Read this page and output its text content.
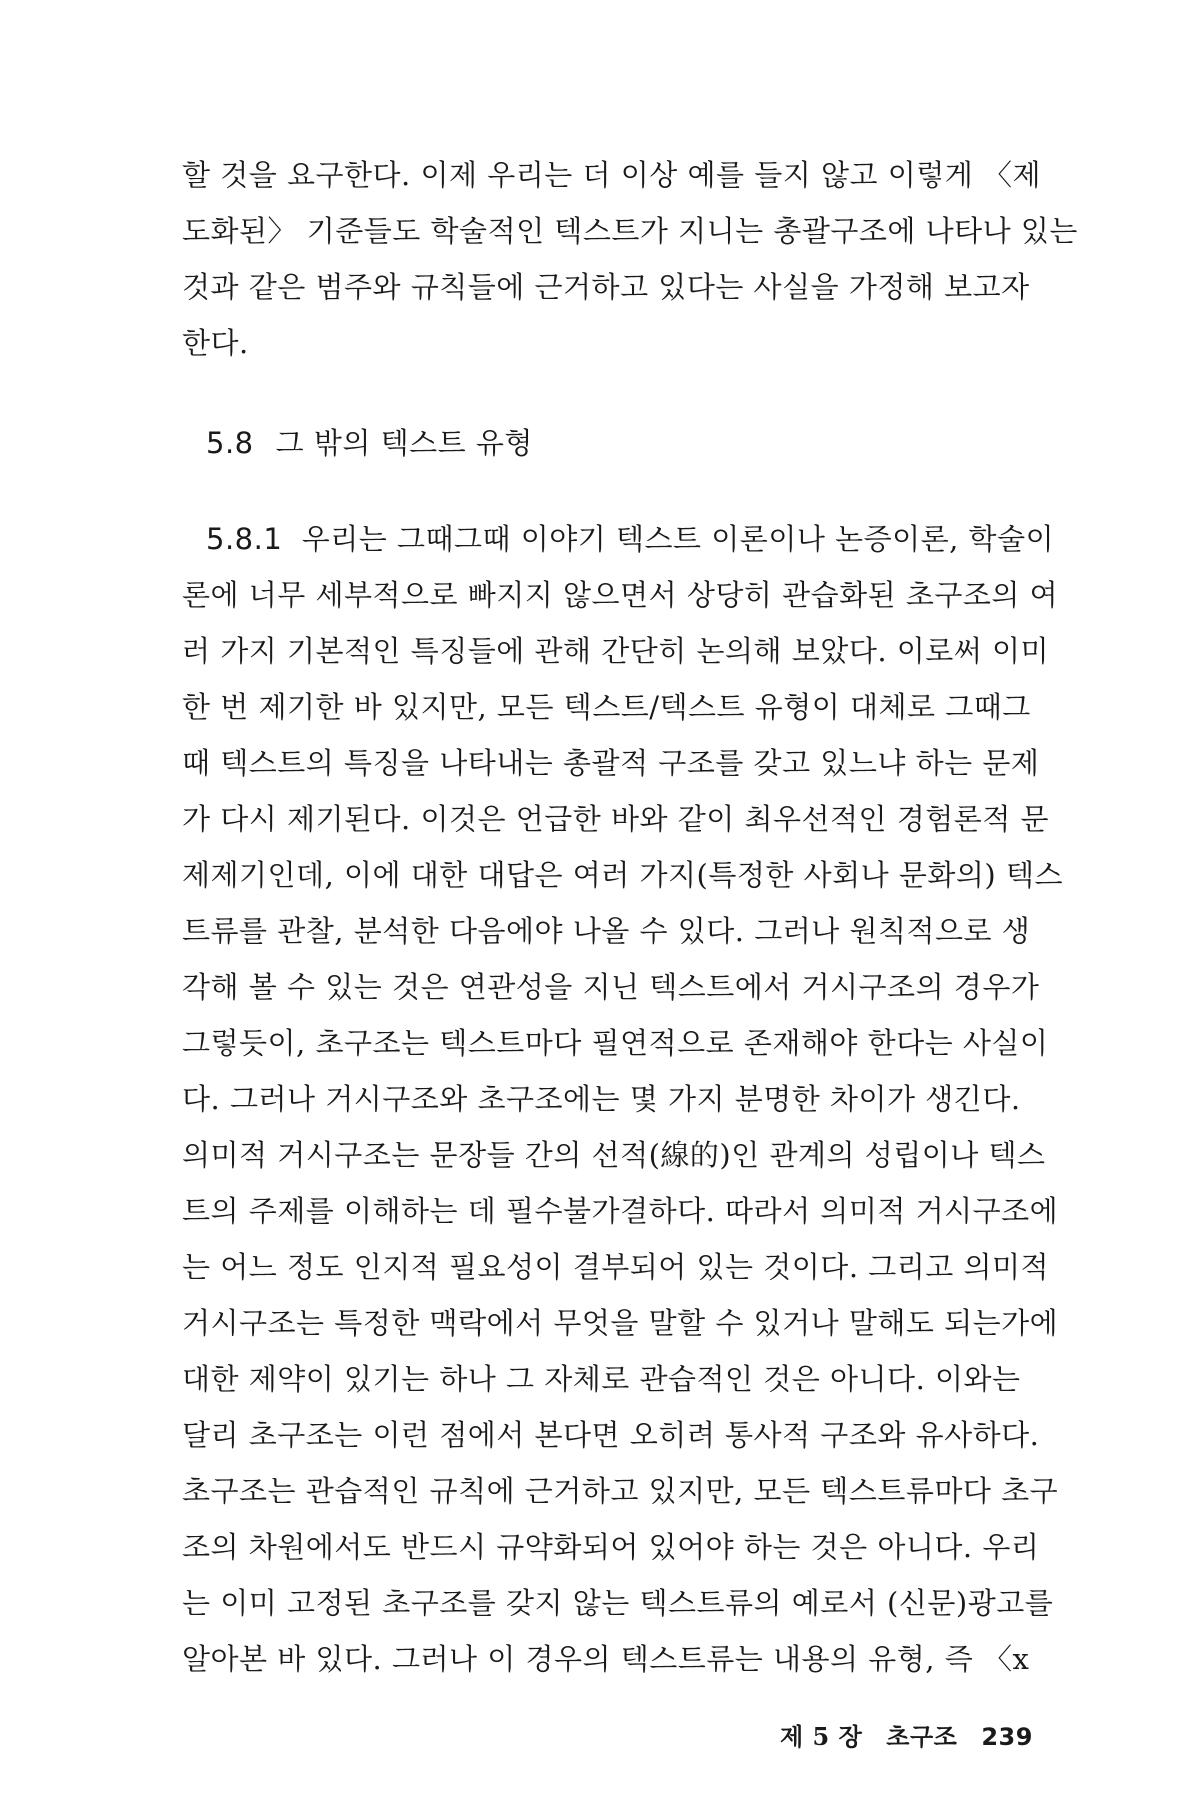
할 것을 요구한다. 이제 우리는 더 이상 예를 들지 않고 이렇게 〈제
도화된〉 기준들도 학술적인 텍스트가 지니는 총괄구조에 나타나 있는
것과 같은 범주와 규칙들에 근거하고 있다는 사실을 가정해 보고자
한다.
5.8 그 밖의 텍스트 유형
5.8.1 우리는 그때그때 이야기 텍스트 이론이나 논증이론, 학술이
론에 너무 세부적으로 빠지지 않으면서 상당히 관습화된 초구조의 여
러 가지 기본적인 특징들에 관해 간단히 논의해 보았다. 이로써 이미
한 번 제기한 바 있지만, 모든 텍스트/텍스트 유형이 대체로 그때그
때 텍스트의 특징을 나타내는 총괄적 구조를 갖고 있느냐 하는 문제
가 다시 제기된다. 이것은 언급한 바와 같이 최우선적인 경험론적 문
제제기인데, 이에 대한 대답은 여러 가지(특정한 사회나 문화의) 텍스
트류를 관찰, 분석한 다음에야 나올 수 있다. 그러나 원칙적으로 생
각해 볼 수 있는 것은 연관성을 지닌 텍스트에서 거시구조의 경우가
그렇듯이, 초구조는 텍스트마다 필연적으로 존재해야 한다는 사실이
다. 그러나 거시구조와 초구조에는 몇 가지 분명한 차이가 생긴다.
의미적 거시구조는 문장들 간의 선적(線的)인 관계의 성립이나 텍스
트의 주제를 이해하는 데 필수불가결하다. 따라서 의미적 거시구조에
는 어느 정도 인지적 필요성이 결부되어 있는 것이다. 그리고 의미적
거시구조는 특정한 맥락에서 무엇을 말할 수 있거나 말해도 되는가에
대한 제약이 있기는 하나 그 자체로 관습적인 것은 아니다. 이와는
달리 초구조는 이런 점에서 본다면 오히려 통사적 구조와 유사하다.
초구조는 관습적인 규칙에 근거하고 있지만, 모든 텍스트류마다 초구
조의 차원에서도 반드시 규약화되어 있어야 하는 것은 아니다. 우리
제 5 장 초구조 239
는 이미 고정된 초구조를 갖지 않는 텍스트류의 예로서 (신문)광고를
알아본 바 있다. 그러나 이 경우의 텍스트류는 내용의 유형, 즉 〈x
